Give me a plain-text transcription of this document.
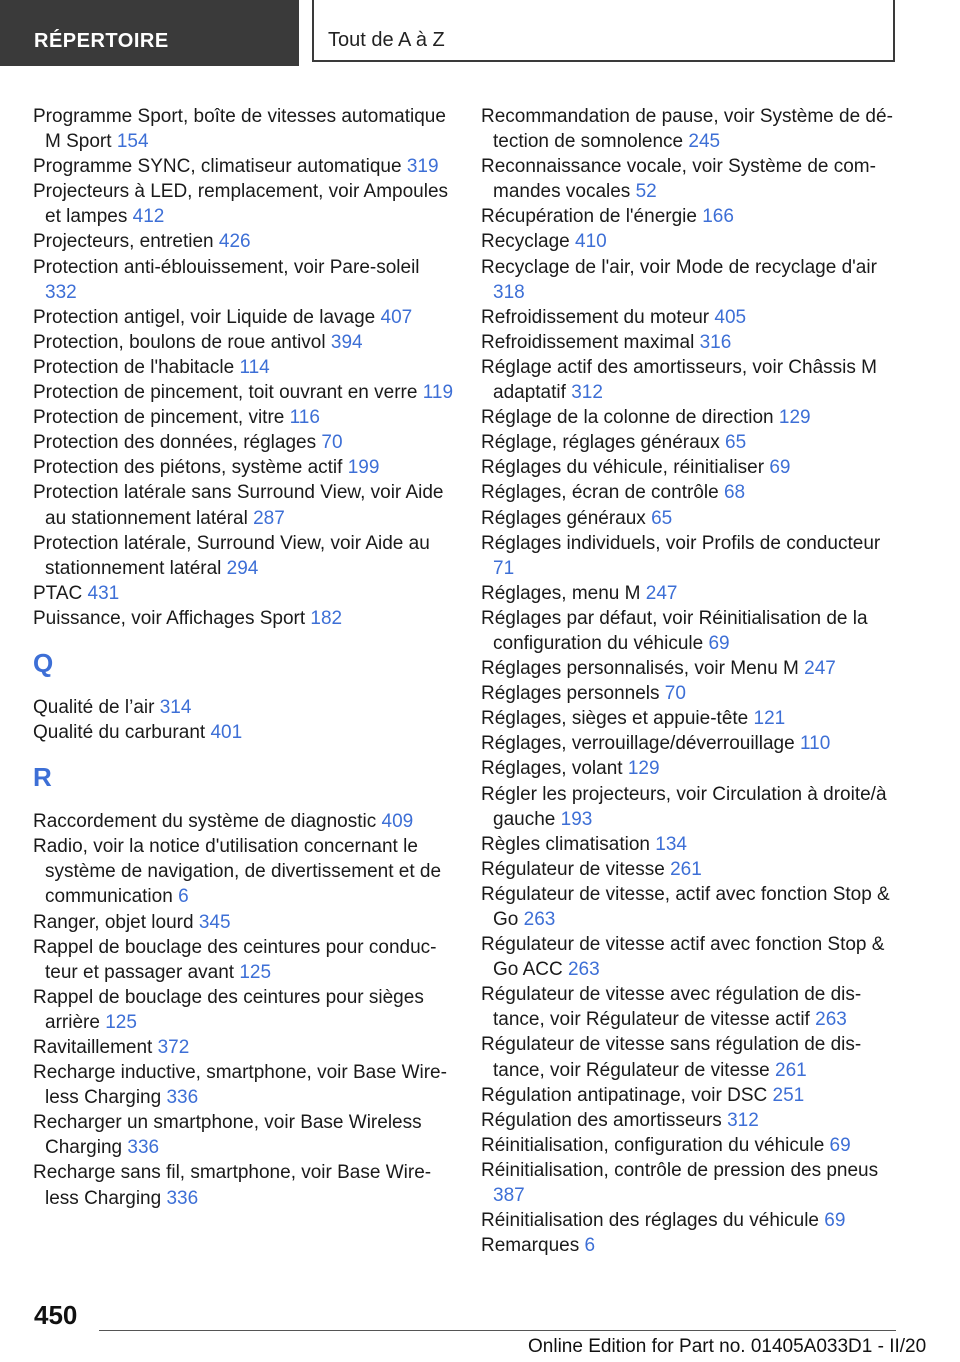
RÉPERTOIRE	Tout de A à Z

Programme Sport, boîte de vitesses automatique M Sport 154

Programme SYNC, climatiseur automatique 319

Projecteurs à LED, remplacement, voir Ampoules et lampes 412

Projecteurs, entretien 426

Protection anti-éblouissement, voir Pare-soleil 332

Protection antigel, voir Liquide de lavage 407

Protection, boulons de roue antivol 394

Protection de l'habitacle 114

Protection de pincement, toit ouvrant en verre 119

Protection de pincement, vitre 116

Protection des données, réglages 70

Protection des piétons, système actif 199

Protection latérale sans Surround View, voir Aide au stationnement latéral 287

Protection latérale, Surround View, voir Aide au stationnement latéral 294

PTAC 431

Puissance, voir Affichages Sport 182

Q

Qualité de l’air 314

Qualité du carburant 401

R

Raccordement du système de diagnostic 409

Radio, voir la notice d'utilisation concernant le système de navigation, de divertissement et de communication 6

Ranger, objet lourd 345

Rappel de bouclage des ceintures pour conducteur et passager avant 125

Rappel de bouclage des ceintures pour sièges arrière 125

Ravitaillement 372

Recharge inductive, smartphone, voir Base Wireless Charging 336

Recharger un smartphone, voir Base Wireless Charging 336

Recharge sans fil, smartphone, voir Base Wireless Charging 336

Recommandation de pause, voir Système de détection de somnolence 245

Reconnaissance vocale, voir Système de commandes vocales 52

Récupération de l'énergie 166

Recyclage 410

Recyclage de l'air, voir Mode de recyclage d'air 318

Refroidissement du moteur 405

Refroidissement maximal 316

Réglage actif des amortisseurs, voir Châssis M adaptatif 312

Réglage de la colonne de direction 129

Réglage, réglages généraux 65

Réglages du véhicule, réinitialiser 69

Réglages, écran de contrôle 68

Réglages généraux 65

Réglages individuels, voir Profils de conducteur 71

Réglages, menu M 247

Réglages par défaut, voir Réinitialisation de la configuration du véhicule 69

Réglages personnalisés, voir Menu M 247

Réglages personnels 70

Réglages, sièges et appuie-tête 121

Réglages, verrouillage/déverrouillage 110

Réglages, volant 129

Régler les projecteurs, voir Circulation à droite/à gauche 193

Règles climatisation 134

Régulateur de vitesse 261

Régulateur de vitesse, actif avec fonction Stop & Go 263

Régulateur de vitesse actif avec fonction Stop & Go ACC 263

Régulateur de vitesse avec régulation de distance, voir Régulateur de vitesse actif 263

Régulateur de vitesse sans régulation de distance, voir Régulateur de vitesse 261

Régulation antipatinage, voir DSC 251

Régulation des amortisseurs 312

Réinitialisation, configuration du véhicule 69

Réinitialisation, contrôle de pression des pneus 387

Réinitialisation des réglages du véhicule 69

Remarques 6

450
Online Edition for Part no. 01405A033D1 - II/20
